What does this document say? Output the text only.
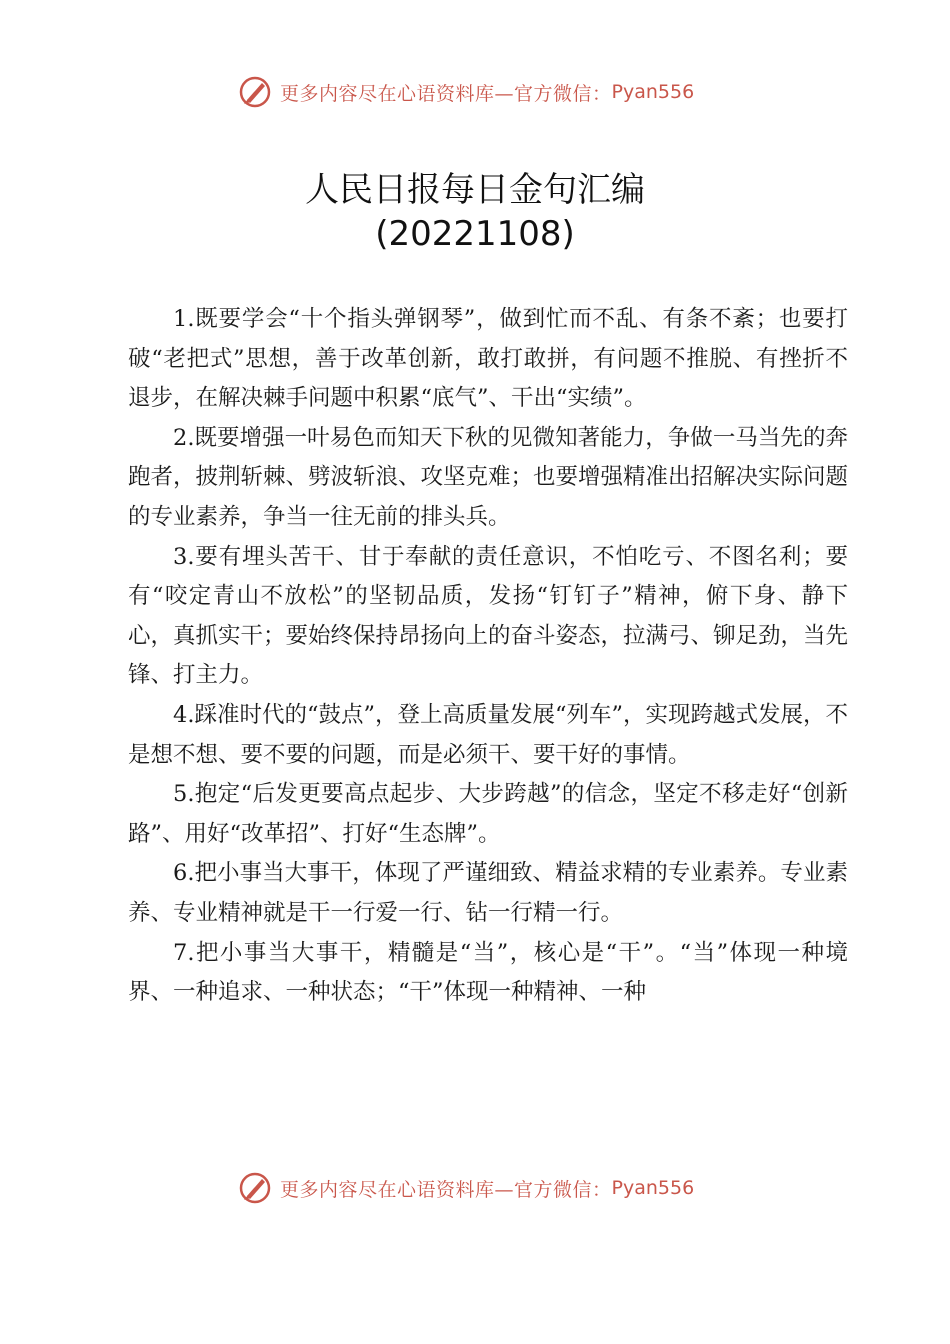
更多内容尽在心语资料库—官方微信： Pyan556
人民日报每日金句汇编
(20221108)

1.既要学会“十个指头弹钢琴”，做到忙而不乱、有条不紊；也要打破“老把式”思想，善于改革创新，敢打敢拼，有问题不推脱、有挫折不退步，在解决棘手问题中积累“底气”、干出“实绩”。

2.既要增强一叶易色而知天下秋的见微知著能力，争做一马当先的奔跑者，披荆斩棘、劈波斩浪、攻坚克难；也要增强精准出招解决实际问题的专业素养，争当一往无前的排头兵。

3.要有埋头苦干、甘于奉献的责任意识，不怕吃亏、不图名利；要有“咬定青山不放松”的坚韧品质，发扬“钉钉子”精神，俯下身、静下心，真抓实干；要始终保持昂扬向上的奋斗姿态，拉满弓、铆足劲，当先锋、打主力。

4.踩准时代的“鼓点”，登上高质量发展“列车”，实现跨越式发展，不是想不想、要不要的问题，而是必须干、要干好的事情。

5.抱定“后发更要高点起步、大步跨越”的信念，坚定不移走好“创新路”、用好“改革招”、打好“生态牌”。

6.把小事当大事干，体现了严谨细致、精益求精的专业素养。专业素养、专业精神就是干一行爱一行、钻一行精一行。

7.把小事当大事干，精髓是“当”，核心是“干”。“当”体现一种境界、一种追求、一种状态；“干”体现一种精神、一种

更多内容尽在心语资料库—官方微信： Pyan556
